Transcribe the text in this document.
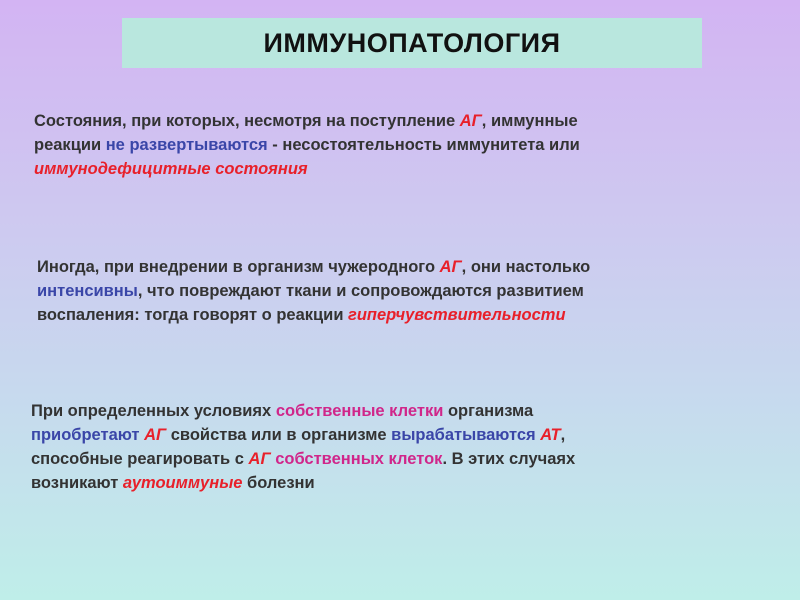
ИММУНОПАТОЛОГИЯ
Состояния, при которых, несмотря на поступление АГ, иммунные
реакции не развертываются - несостоятельность иммунитета или
иммунодефицитные состояния
Иногда, при внедрении в организм чужеродного АГ, они настолько
интенсивны, что повреждают ткани и сопровождаются развитием
воспаления: тогда говорят о реакции гиперчувствительности
При определенных условиях собственные клетки организма
приобретают АГ свойства или в организме вырабатываются АТ,
способные реагировать с АГ собственных клеток. В этих случаях
возникают аутоиммуные болезни
